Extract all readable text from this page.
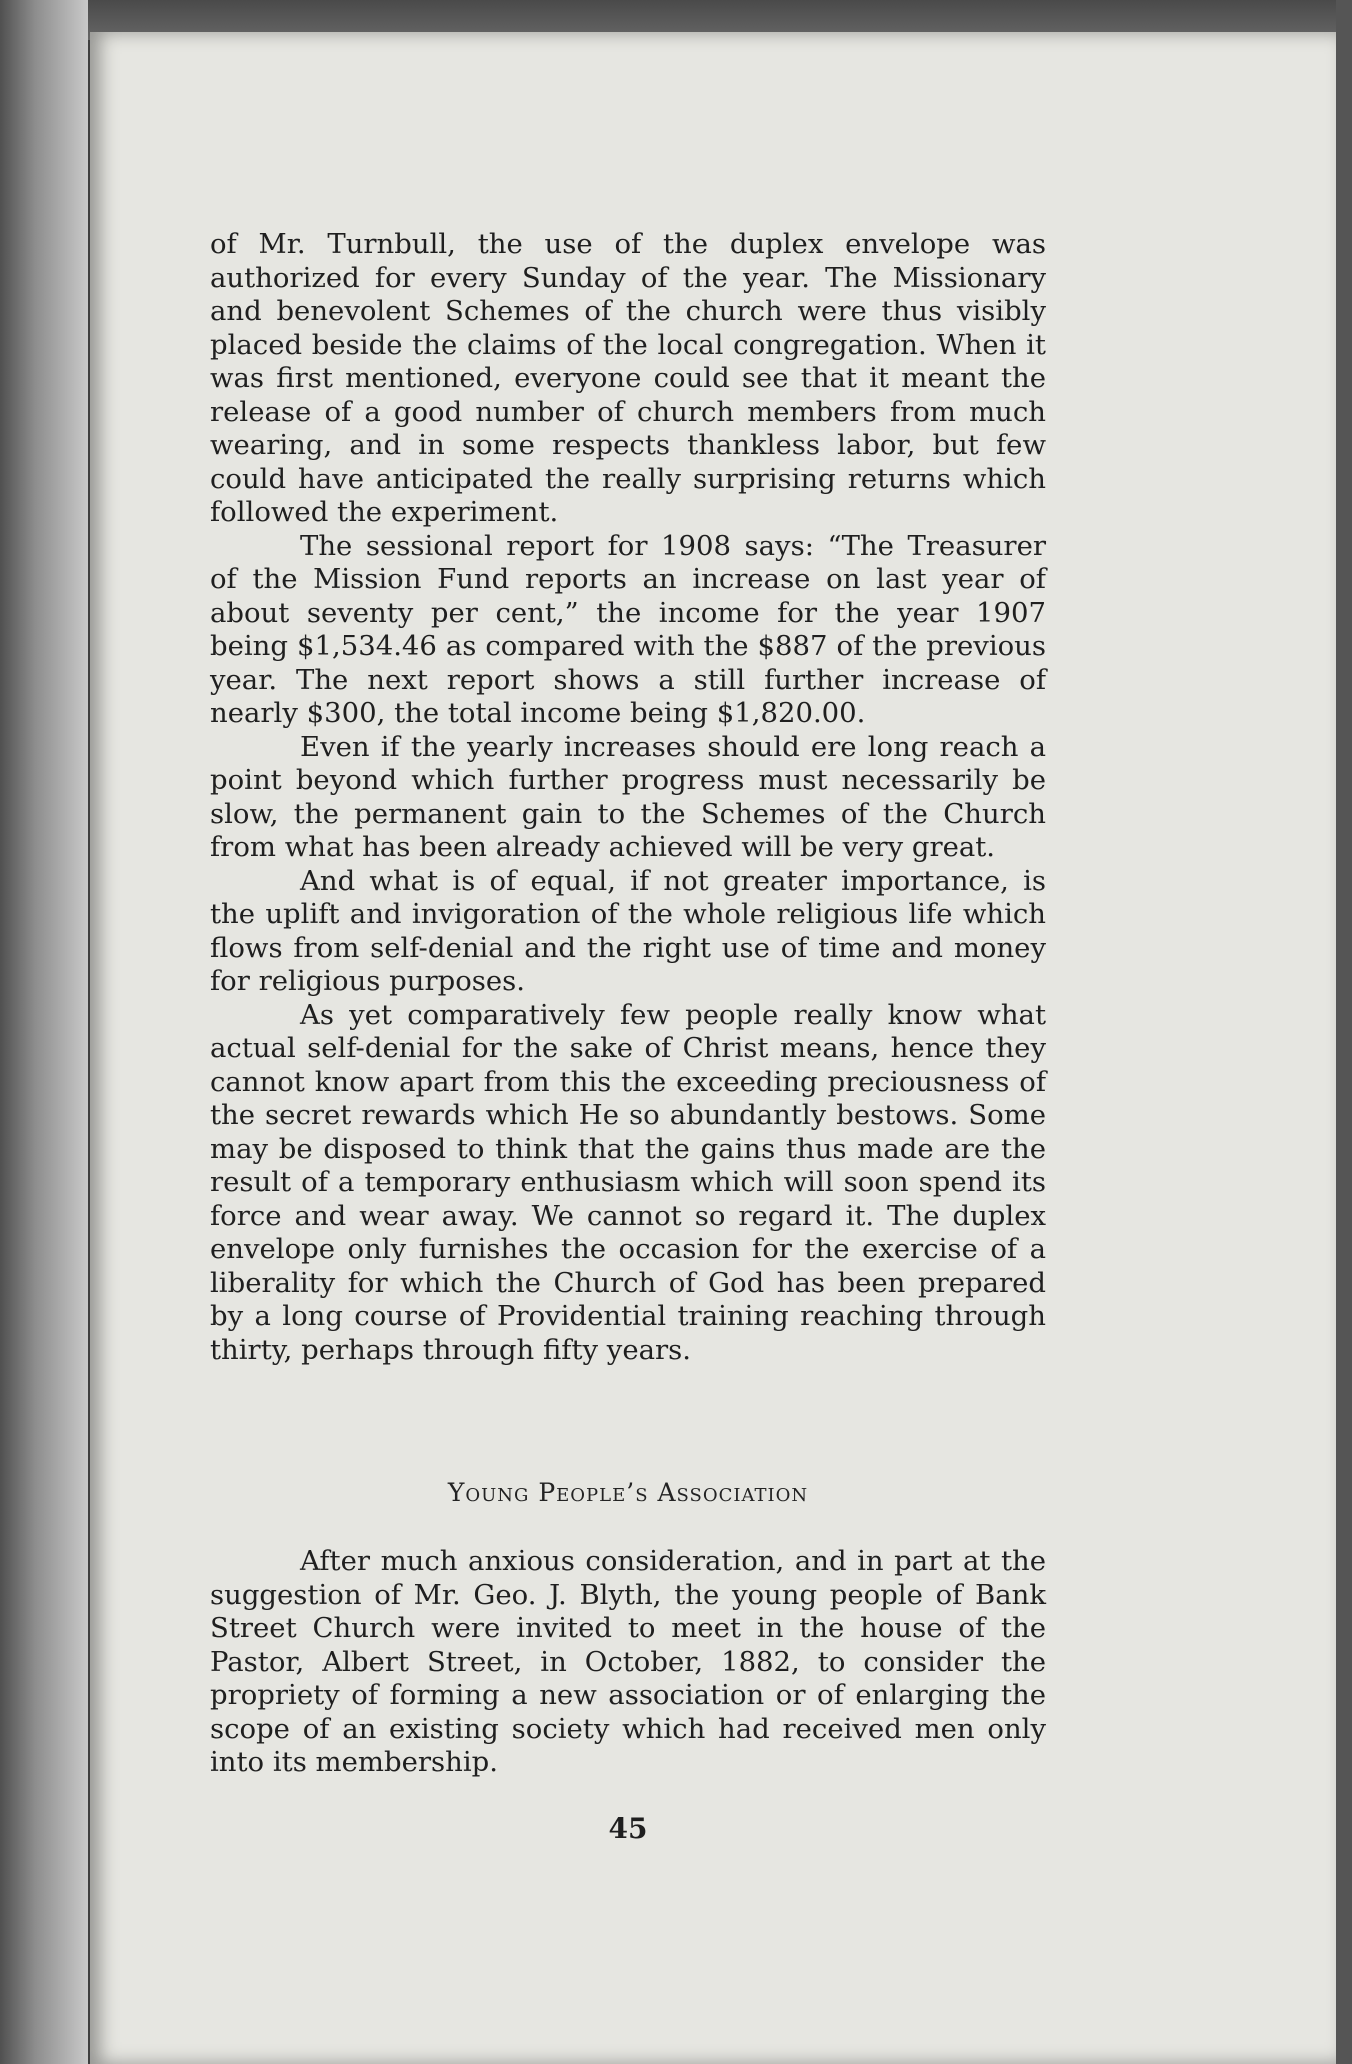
of Mr. Turnbull, the use of the duplex envelope was authorized for every Sunday of the year. The Missionary and benevolent Schemes of the church were thus visibly placed beside the claims of the local congregation. When it was first mentioned, everyone could see that it meant the release of a good number of church members from much wearing, and in some respects thankless labor, but few could have anticipated the really surprising returns which followed the experiment.

The sessional report for 1908 says: “The Treasurer of the Mission Fund reports an increase on last year of about seventy per cent,” the income for the year 1907 being $1,534.46 as compared with the $887 of the previous year. The next report shows a still further increase of nearly $300, the total income being $1,820.00.

Even if the yearly increases should ere long reach a point beyond which further progress must necessarily be slow, the permanent gain to the Schemes of the Church from what has been already achieved will be very great.

And what is of equal, if not greater importance, is the uplift and invigoration of the whole religious life which flows from self-denial and the right use of time and money for religious purposes.

As yet comparatively few people really know what actual self-denial for the sake of Christ means, hence they cannot know apart from this the exceeding preciousness of the secret rewards which He so abundantly bestows. Some may be disposed to think that the gains thus made are the result of a temporary enthusiasm which will soon spend its force and wear away. We cannot so regard it. The duplex envelope only furnishes the occasion for the exercise of a liberality for which the Church of God has been prepared by a long course of Providential training reaching through thirty, perhaps through fifty years.

Young People’s Association

After much anxious consideration, and in part at the suggestion of Mr. Geo. J. Blyth, the young people of Bank Street Church were invited to meet in the house of the Pastor, Albert Street, in October, 1882, to consider the propriety of forming a new association or of enlarging the scope of an existing society which had received men only into its membership.

45
